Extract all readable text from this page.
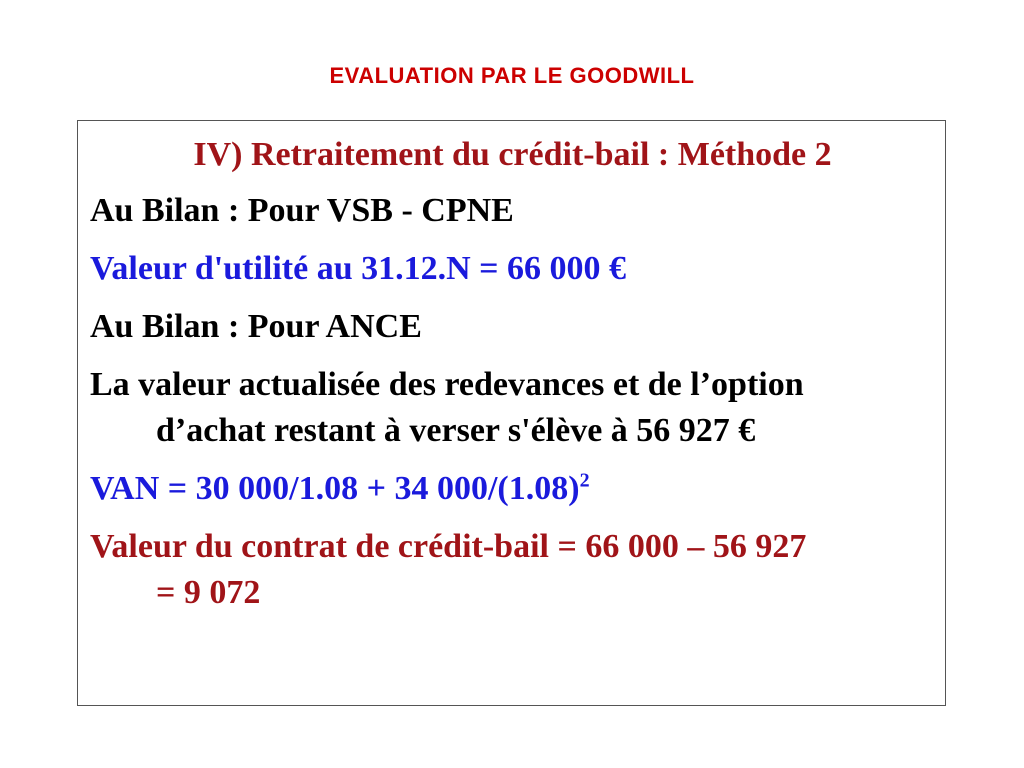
EVALUATION PAR LE GOODWILL
IV) Retraitement du crédit-bail : Méthode 2
Au Bilan : Pour VSB - CPNE
Valeur d'utilité au 31.12.N = 66 000 €
Au Bilan : Pour ANCE
La valeur actualisée des redevances et de l’option
d’achat restant à verser s'élève à 56 927 €
VAN = 30 000/1.08 + 34 $000/(1.08)^2$
Valeur du contrat de crédit-bail = 66 000 – 56 927
= 9 072
